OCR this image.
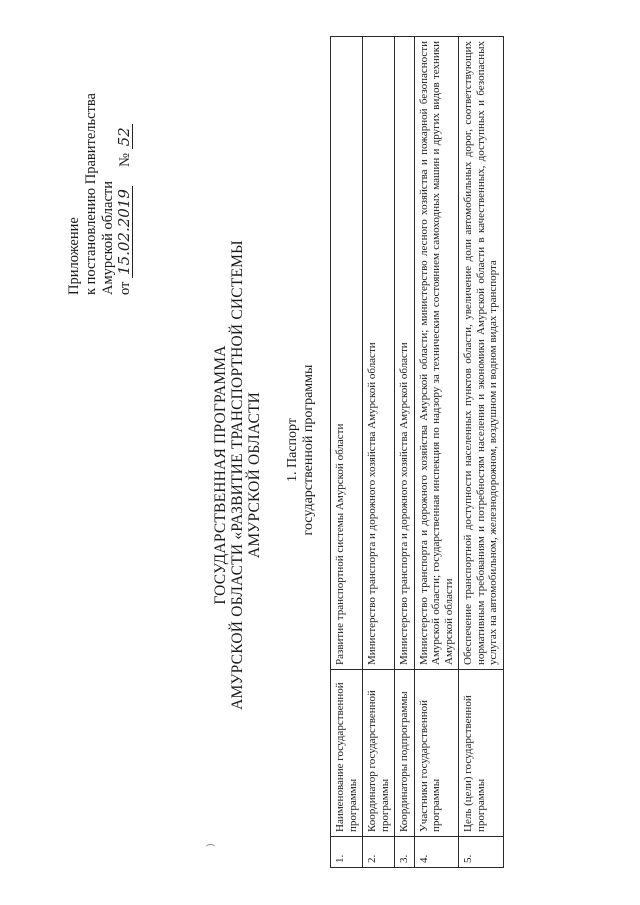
Приложение к постановлению Правительства Амурской области от 15.02.2019  № 52
ГОСУДАРСТВЕННАЯ ПРОГРАММА АМУРСКОЙ ОБЛАСТИ «РАЗВИТИЕ ТРАНСПОРТНОЙ СИСТЕМЫ АМУРСКОЙ ОБЛАСТИ 1. Паспорт государственной программы
)
1.	Наименование государственной программы	Развитие транспортной системы Амурской области
2.	Координатор государственной программы	Министерство транспорта и дорожного хозяйства Амурской области
3.	Координаторы подпрограммы	Министерство транспорта и дорожного хозяйства Амурской области
4.	Участники государственной программы	Министерство транспорта и дорожного хозяйства Амурской области; министерство лесного хозяйства и пожарной безопасности Амурской области; государственная инспекция по надзору за техническим состоянием самоходных машин и других видов техники Амурской области
5.	Цель (цели) государственной программы	Обеспечение транспортной доступности населенных пунктов области, увеличение доли автомобильных дорог, соответствующих нормативным требованиям и потребностям населения и экономики Амурской области в качественных, доступных и безопасных услугах на автомобильном, железнодорожном, воздушном и водном видах транспорта
